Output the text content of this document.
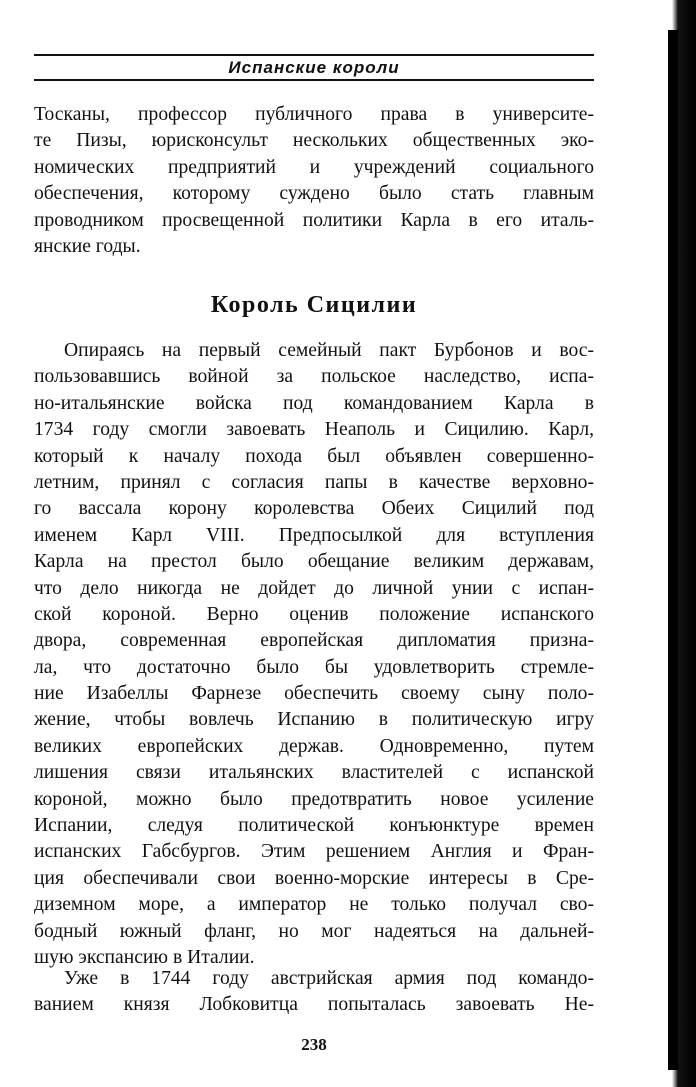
Испанские короли
Тосканы, профессор публичного права в университе-
те Пизы, юрисконсульт нескольких общественных эко-
номических предприятий и учреждений социального
обеспечения, которому суждено было стать главным
проводником просвещенной политики Карла в его италь-
янские годы.
Король Сицилии
Опираясь на первый семейный пакт Бурбонов и вос-
пользовавшись войной за польское наследство, испа-
но-итальянские войска под командованием Карла в
1734 году смогли завоевать Неаполь и Сицилию. Карл,
который к началу похода был объявлен совершенно-
летним, принял с согласия папы в качестве верховно-
го вассала корону королевства Обеих Сицилий под
именем Карл VIII. Предпосылкой для вступления
Карла на престол было обещание великим державам,
что дело никогда не дойдет до личной унии с испан-
ской короной. Верно оценив положение испанского
двора, современная европейская дипломатия призна-
ла, что достаточно было бы удовлетворить стремле-
ние Изабеллы Фарнезе обеспечить своему сыну поло-
жение, чтобы вовлечь Испанию в политическую игру
великих европейских держав. Одновременно, путем
лишения связи итальянских властителей с испанской
короной, можно было предотвратить новое усиление
Испании, следуя политической конъюнктуре времен
испанских Габсбургов. Этим решением Англия и Фран-
ция обеспечивали свои военно-морские интересы в Сре-
диземном море, а император не только получал сво-
бодный южный фланг, но мог надеяться на дальней-
шую экспансию в Италии.
Уже в 1744 году австрийская армия под командо-
ванием князя Лобковитца попыталась завоевать Не-
238
